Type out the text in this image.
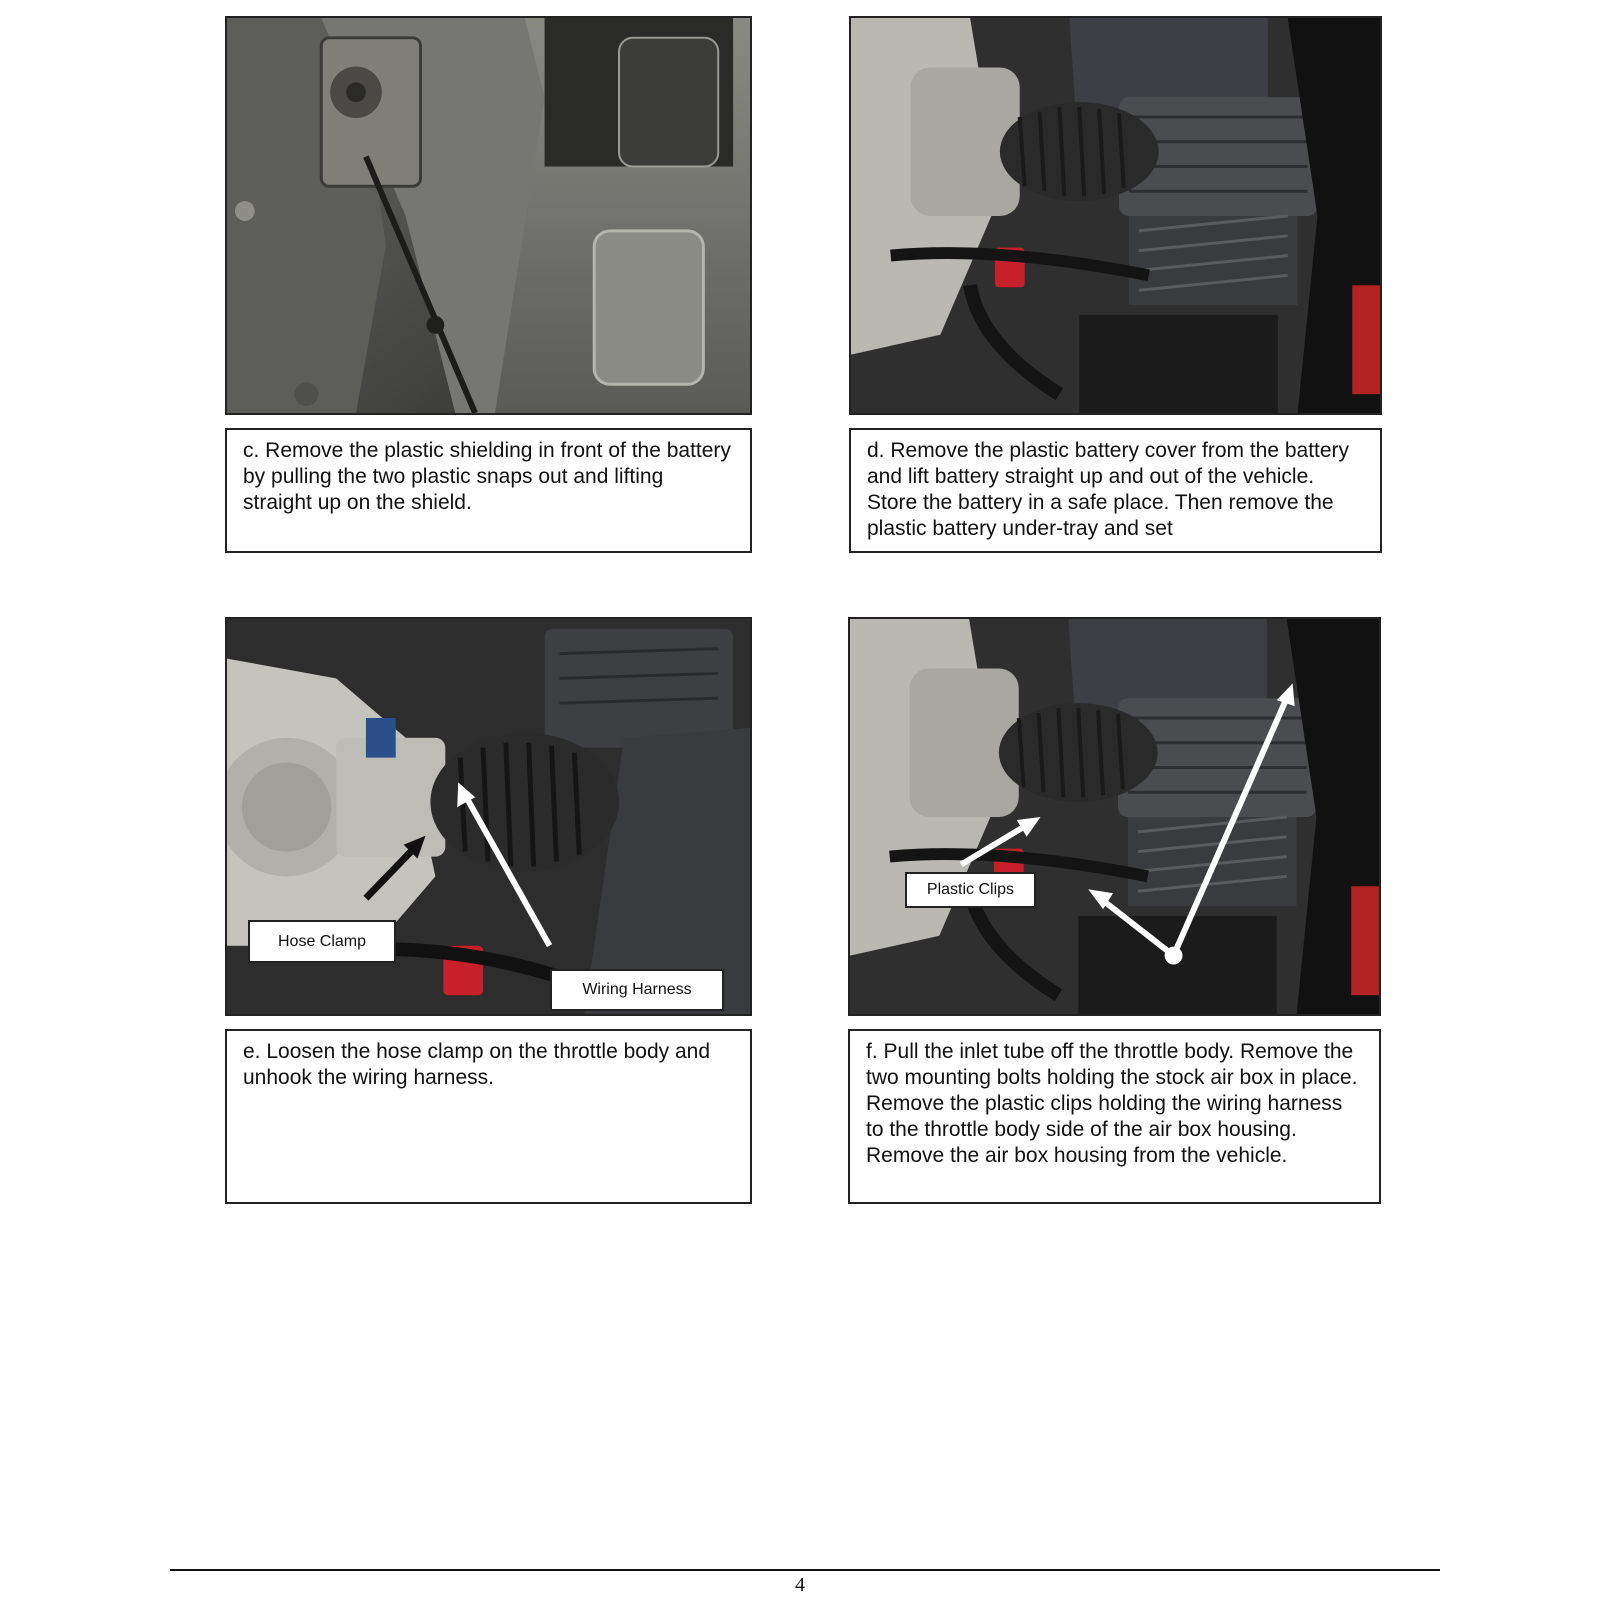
c. Remove the plastic shielding in front of the battery by pulling the two plastic snaps out and lifting straight up on the shield.
d. Remove the plastic battery cover from the battery and lift battery straight up and out of the vehicle. Store the battery in a safe place. Then remove the plastic battery under-tray and set
Hose Clamp
Wiring Harness
e. Loosen the hose clamp on the throttle body and unhook the wiring harness.
Plastic Clips
f. Pull the inlet tube off the throttle body. Remove the two mounting bolts holding the stock air box in place. Remove the plastic clips holding the wiring harness to the throttle body side of the air box housing. Remove the air box housing from the vehicle.
4
